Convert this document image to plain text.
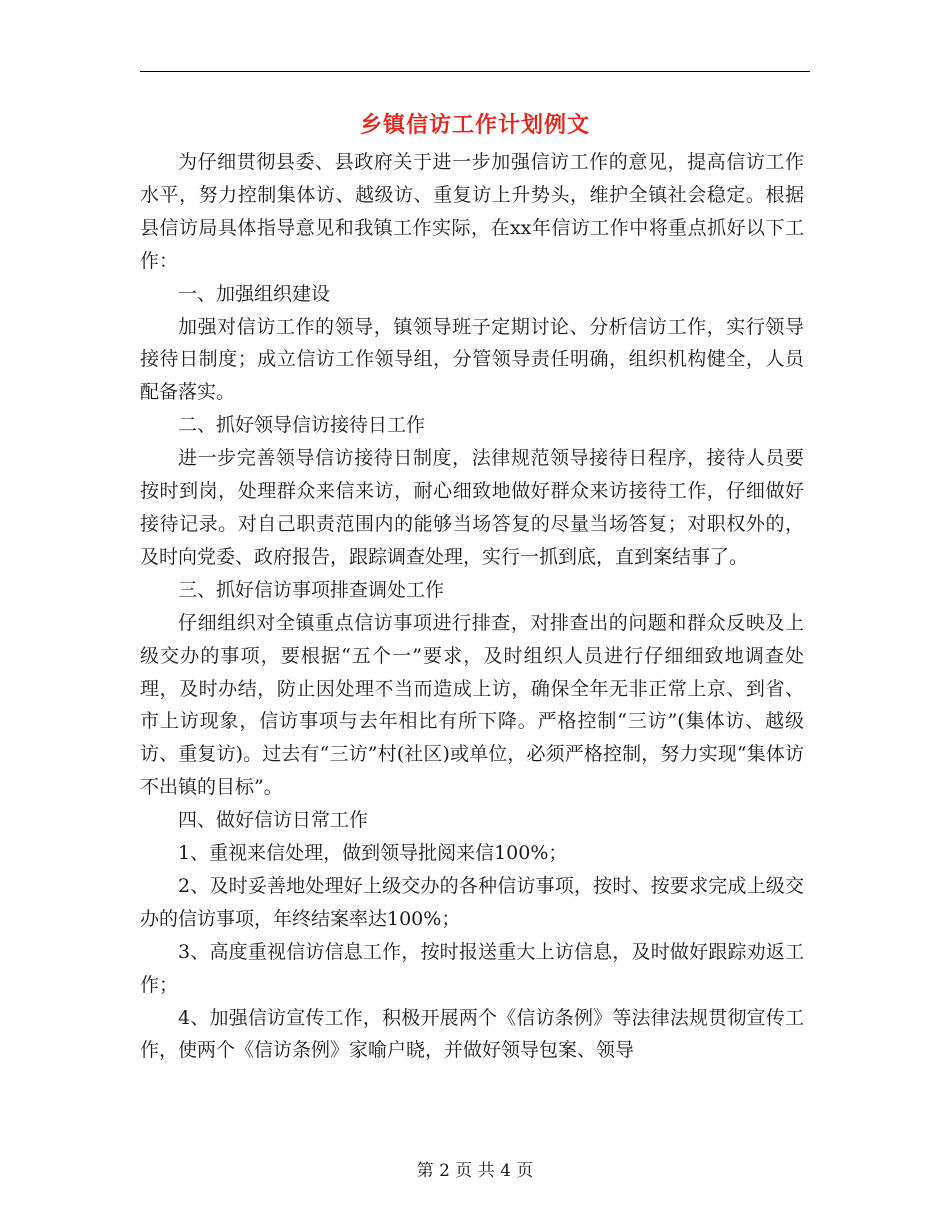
乡镇信访工作计划例文

为仔细贯彻县委、县政府关于进一步加强信访工作的意见，提高信访工作水平，努力控制集体访、越级访、重复访上升势头，维护全镇社会稳定。根据县信访局具体指导意见和我镇工作实际，在xx年信访工作中将重点抓好以下工作：

一、加强组织建设

加强对信访工作的领导，镇领导班子定期讨论、分析信访工作，实行领导接待日制度；成立信访工作领导组，分管领导责任明确，组织机构健全，人员配备落实。

二、抓好领导信访接待日工作

进一步完善领导信访接待日制度，法律规范领导接待日程序，接待人员要按时到岗，处理群众来信来访，耐心细致地做好群众来访接待工作，仔细做好接待记录。对自己职责范围内的能够当场答复的尽量当场答复；对职权外的，及时向党委、政府报告，跟踪调查处理，实行一抓到底，直到案结事了。

三、抓好信访事项排查调处工作

仔细组织对全镇重点信访事项进行排查，对排查出的问题和群众反映及上级交办的事项，要根据“五个一”要求，及时组织人员进行仔细细致地调查处理，及时办结，防止因处理不当而造成上访，确保全年无非正常上京、到省、市上访现象，信访事项与去年相比有所下降。严格控制“三访”(集体访、越级访、重复访)。过去有“三访”村(社区)或单位，必须严格控制，努力实现“集体访不出镇的目标”。

四、做好信访日常工作

1、重视来信处理，做到领导批阅来信100%；

2、及时妥善地处理好上级交办的各种信访事项，按时、按要求完成上级交办的信访事项，年终结案率达100%；

3、高度重视信访信息工作，按时报送重大上访信息，及时做好跟踪劝返工作；

4、加强信访宣传工作，积极开展两个《信访条例》等法律法规贯彻宣传工作，使两个《信访条例》家喻户晓，并做好领导包案、领导

第 2 页 共 4 页
